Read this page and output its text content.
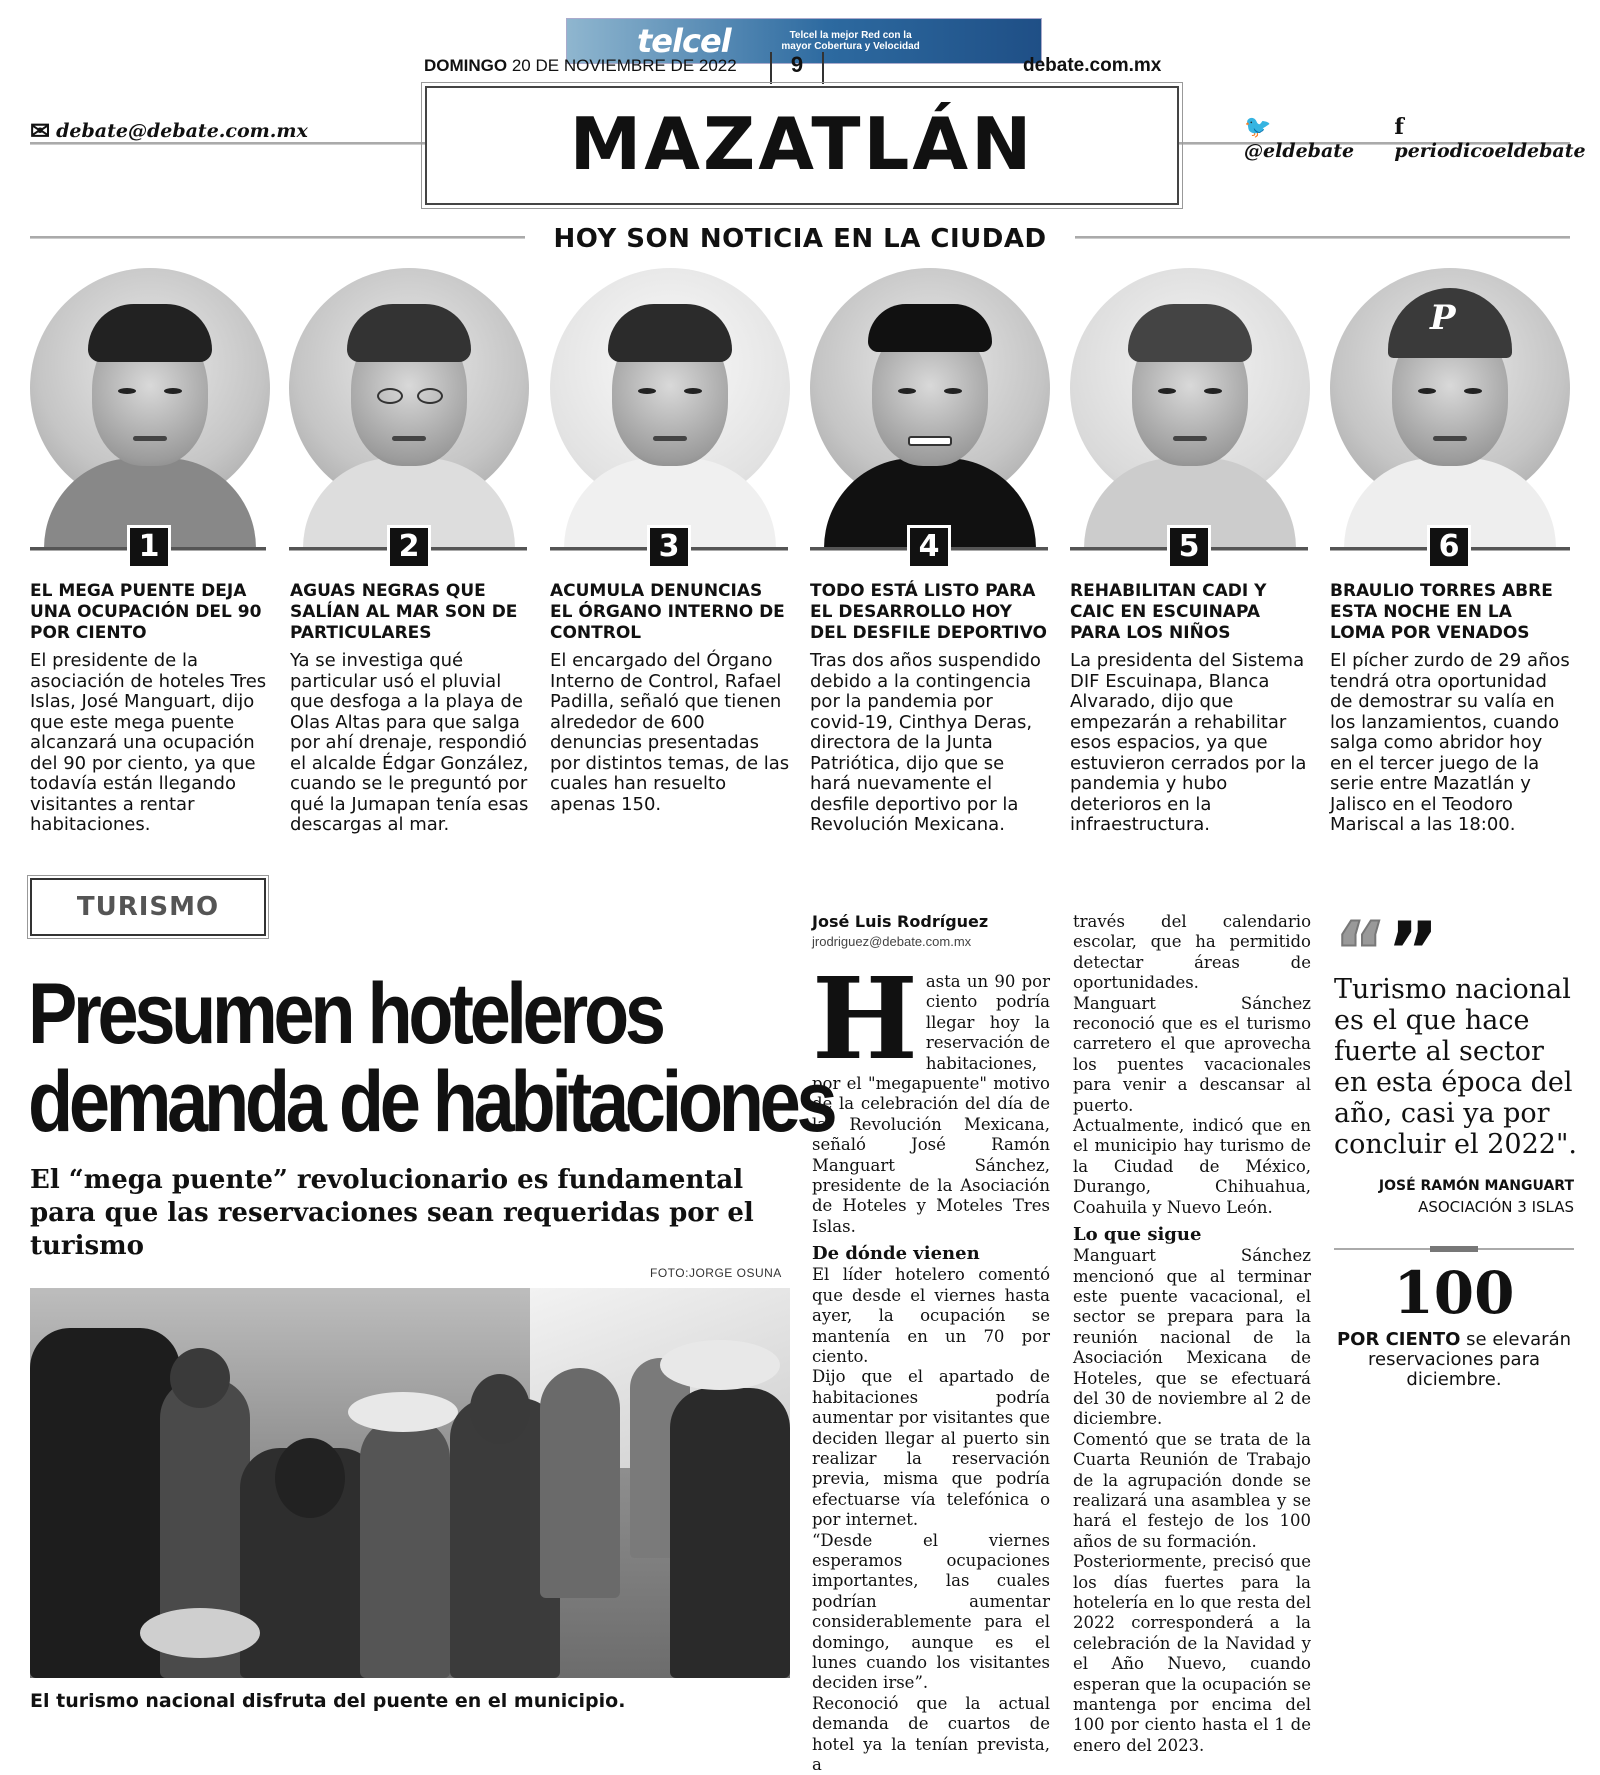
telcel	Telcel la mejor Red con la mayor Cobertura y Velocidad
DOMINGO 20 DE NOVIEMBRE DE 2022	9	debate.com.mx
✉ debate@debate.com.mx	🐦@eldebate
f periodicoeldebate
MAZATLÁN
HOY SON NOTICIA EN LA CIUDAD
1
EL MEGA PUENTE DEJA UNA OCUPACIÓN DEL 90 POR CIENTO
El presidente de la asociación de hoteles Tres Islas, José Manguart, dijo que este mega puente alcanzará una ocupación del 90 por ciento, ya que todavía están llegando visitantes a rentar habitaciones.
2
AGUAS NEGRAS QUE SALÍAN AL MAR SON DE PARTICULARES
Ya se investiga qué particular usó el pluvial que desfoga a la playa de Olas Altas para que salga por ahí drenaje, respondió el alcalde Édgar González, cuando se le preguntó por qué la Jumapan tenía esas descargas al mar.
3
ACUMULA DENUNCIAS EL ÓRGANO INTERNO DE CONTROL
El encargado del Órgano Interno de Control, Rafael Padilla, señaló que tienen alrededor de 600 denuncias presentadas por distintos temas, de las cuales han resuelto apenas 150.
4
TODO ESTÁ LISTO PARA EL DESARROLLO HOY DEL DESFILE DEPORTIVO
Tras dos años suspendido debido a la contingencia por la pandemia por covid-19, Cinthya Deras, directora de la Junta Patriótica, dijo que se hará nuevamente el desfile deportivo por la Revolución Mexicana.
5
REHABILITAN CADI Y CAIC EN ESCUINAPA PARA LOS NIÑOS
La presidenta del Sistema DIF Escuinapa, Blanca Alvarado, dijo que empezarán a rehabilitar esos espacios, ya que estuvieron cerrados por la pandemia y hubo deterioros en la infraestructura.
P
6
BRAULIO TORRES ABRE ESTA NOCHE EN LA LOMA POR VENADOS
El pícher zurdo de 29 años tendrá otra oportunidad de demostrar su valía en los lanzamientos, cuando salga como abridor hoy en el tercer juego de la serie entre Mazatlán y Jalisco en el Teodoro Mariscal a las 18:00.
TURISMO
Presumen hoteleros
demanda de habitaciones
El “mega puente” revolucionario es fundamental para que las reservaciones sean requeridas por el turismo
FOTO:JORGE OSUNA
El turismo nacional disfruta del puente en el municipio.
José Luis Rodríguez
jrodriguez@debate.com.mx
H asta un 90 por ciento podría llegar hoy la reservación de habitaciones, por el "megapuente" motivo de la celebración del día de la Revolución Mexicana, señaló José Ramón Manguart Sánchez, presidente de la Asociación de Hoteles y Moteles Tres Islas.

De dónde vienen

El líder hotelero comentó que desde el viernes hasta ayer, la ocupación se mantenía en un 70 por ciento.

Dijo que el apartado de habitaciones podría aumentar por visitantes que deciden llegar al puerto sin realizar la reservación previa, misma que podría efectuarse vía telefónica o por internet.

“Desde el viernes esperamos ocupaciones importantes, las cuales podrían aumentar considerablemente para el domingo, aunque es el lunes cuando los visitantes deciden irse”.

Reconoció que la actual demanda de cuartos de hotel ya la tenían prevista, a

través del calendario escolar, que ha permitido detectar áreas de oportunidades.

Manguart Sánchez reconoció que es el turismo carretero el que aprovecha los puentes vacacionales para venir a descansar al puerto.

Actualmente, indicó que en el municipio hay turismo de la Ciudad de México, Durango, Chihuahua, Coahuila y Nuevo León.

Lo que sigue

Manguart Sánchez mencionó que al terminar este puente vacacional, el sector se prepara para la reunión nacional de la Asociación Mexicana de Hoteles, que se efectuará del 30 de noviembre al 2 de diciembre.

Comentó que se trata de la Cuarta Reunión de Trabajo de la agrupación donde se realizará una asamblea y se hará el festejo de los 100 años de su formación.

Posteriormente, precisó que los días fuertes para la hotelería en lo que resta del 2022 corresponderá a la celebración de la Navidad y el Año Nuevo, cuando esperan que la ocupación se mantenga por encima del 100 por ciento hasta el 1 de enero del 2023.

“”
Turismo nacional es el que hace fuerte al sector en esta época del año, casi ya por concluir el 2022".
JOSÉ RAMÓN MANGUART
ASOCIACIÓN 3 ISLAS
100
POR CIENTO se elevarán reservaciones para diciembre.
